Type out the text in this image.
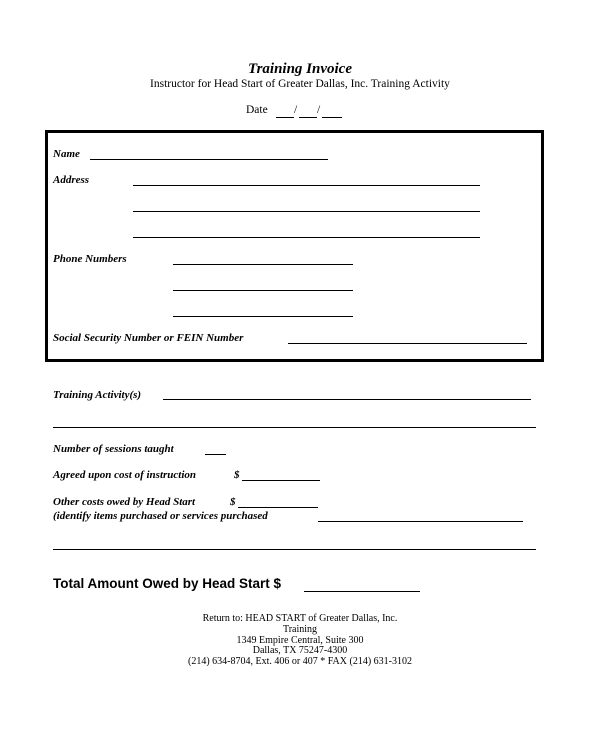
Training Invoice
Instructor for Head Start of Greater Dallas, Inc. Training Activity
Date / /
Name
Address
Phone Numbers
Social Security Number or FEIN Number
Training Activity(s)
Number of sessions taught
Agreed upon cost of instruction	$
Other costs owed by Head Start	$
(identify items purchased or services purchased
Total Amount Owed by Head Start $
Return to: HEAD START of Greater Dallas, Inc.
Training
1349 Empire Central, Suite 300
Dallas, TX 75247-4300
(214) 634-8704, Ext. 406 or 407 * FAX (214) 631-3102
